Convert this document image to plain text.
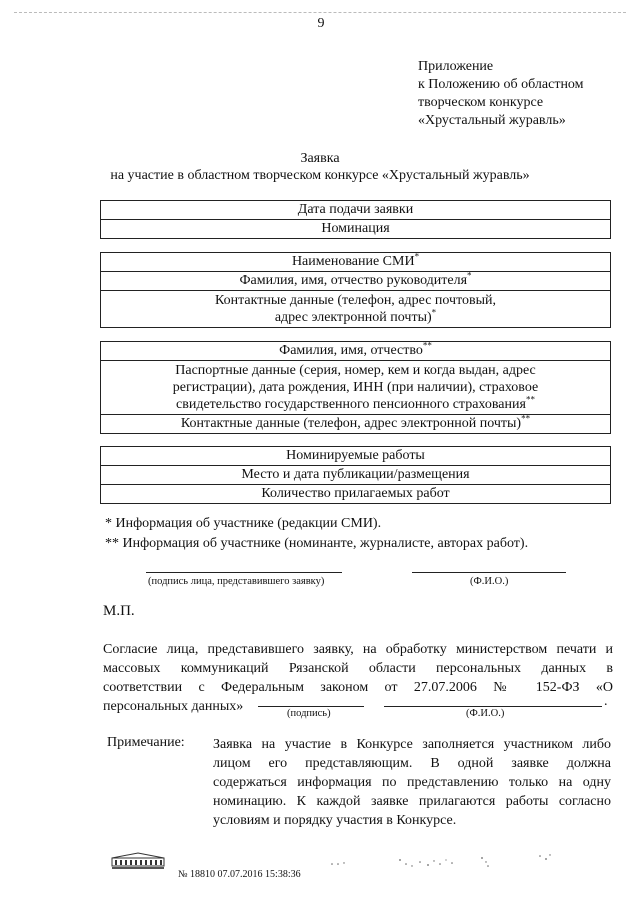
9
Приложение
к Положению об областном
творческом конкурсе
«Хрустальный журавль»
Заявка
на участие в областном творческом конкурсе «Хрустальный журавль»
Дата подачи заявки
Номинация
Наименование СМИ*
Фамилия, имя, отчество руководителя*
Контактные данные (телефон, адрес почтовый,
адрес электронной почты)*
Фамилия, имя, отчество**
Паспортные данные (серия, номер, кем и когда выдан, адрес
регистрации), дата рождения, ИНН (при наличии), страховое
свидетельство государственного пенсионного страхования**
Контактные данные (телефон, адрес электронной почты)**
Номинируемые работы
Место и дата публикации/размещения
Количество прилагаемых работ
* Информация об участнике (редакции СМИ).
** Информация об участнике (номинанте, журналисте, авторах работ).
(подпись лица, представившего заявку)	(Ф.И.О.)
М.П.
Согласие лица, представившего заявку, на обработку министерством печати и
массовых коммуникаций Рязанской области персональных данных в
соответствии с Федеральным законом от 27.07.2006 № 152-ФЗ «О
персональных данных»	.
(подпись)	(Ф.И.О.)
Примечание: Заявка на участие в Конкурсе заполняется участником либо
лицом его представляющим. В одной заявке должна
содержаться информация по представлению только на одну
номинацию. К каждой заявке прилагаются работы согласно
условиям и порядку участия в Конкурсе.
№ 18810 07.07.2016 15:38:36
